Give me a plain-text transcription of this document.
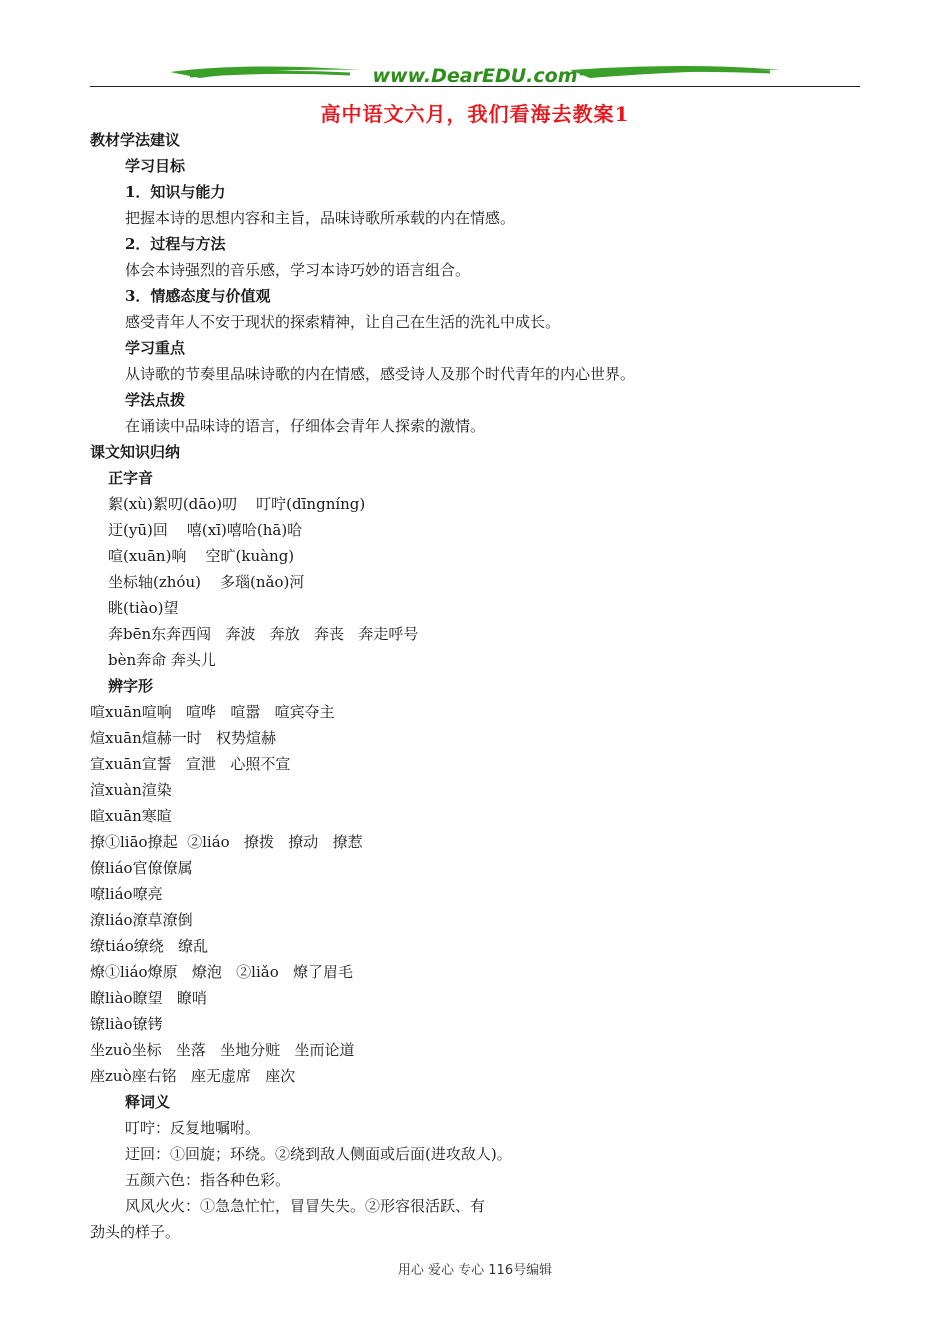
www.DearEDU.com
高中语文六月，我们看海去教案1
教材学法建议
学习目标
1．知识与能力
把握本诗的思想内容和主旨，品味诗歌所承载的内在情感。
2．过程与方法
体会本诗强烈的音乐感，学习本诗巧妙的语言组合。
3．情感态度与价值观
感受青年人不安于现状的探索精神，让自己在生活的洗礼中成长。
学习重点
从诗歌的节奏里品味诗歌的内在情感，感受诗人及那个时代青年的内心世界。
学法点拨
在诵读中品味诗的语言，仔细体会青年人探索的激情。
课文知识归纳
正字音
絮(xù)絮叨(dāo)叨    叮咛(dīngníng)
迂(yū)回    嘻(xī)嘻哈(hā)哈
喧(xuān)响    空旷(kuàng)
坐标轴(zhóu)    多瑙(nǎo)河
眺(tiào)望
奔bēn东奔西闯   奔波   奔放   奔丧   奔走呼号
bèn奔命 奔头儿
辨字形
喧xuān喧响   喧哗   喧嚣   喧宾夺主
煊xuān煊赫一时   权势煊赫
宣xuān宣誓   宣泄   心照不宣
渲xuàn渲染
暄xuān寒暄
撩①liāo撩起  ②liáo   撩拨   撩动   撩惹
僚liáo官僚僚属
嘹liáo嘹亮
潦liáo潦草潦倒
缭tiáo缭绕   缭乱
燎①liáo燎原   燎泡   ②liǎo   燎了眉毛
瞭liào瞭望   瞭哨
镣liào镣铐
坐zuò坐标   坐落   坐地分赃   坐而论道
座zuò座右铭   座无虚席   座次
释词义
叮咛：反复地嘱咐。
迂回：①回旋；环绕。②绕到敌人侧面或后面(进攻敌人)。
五颜六色：指各种色彩。
风风火火：①急急忙忙，冒冒失失。②形容很活跃、有
劲头的样子。
用心 爱心 专心 116号编辑
